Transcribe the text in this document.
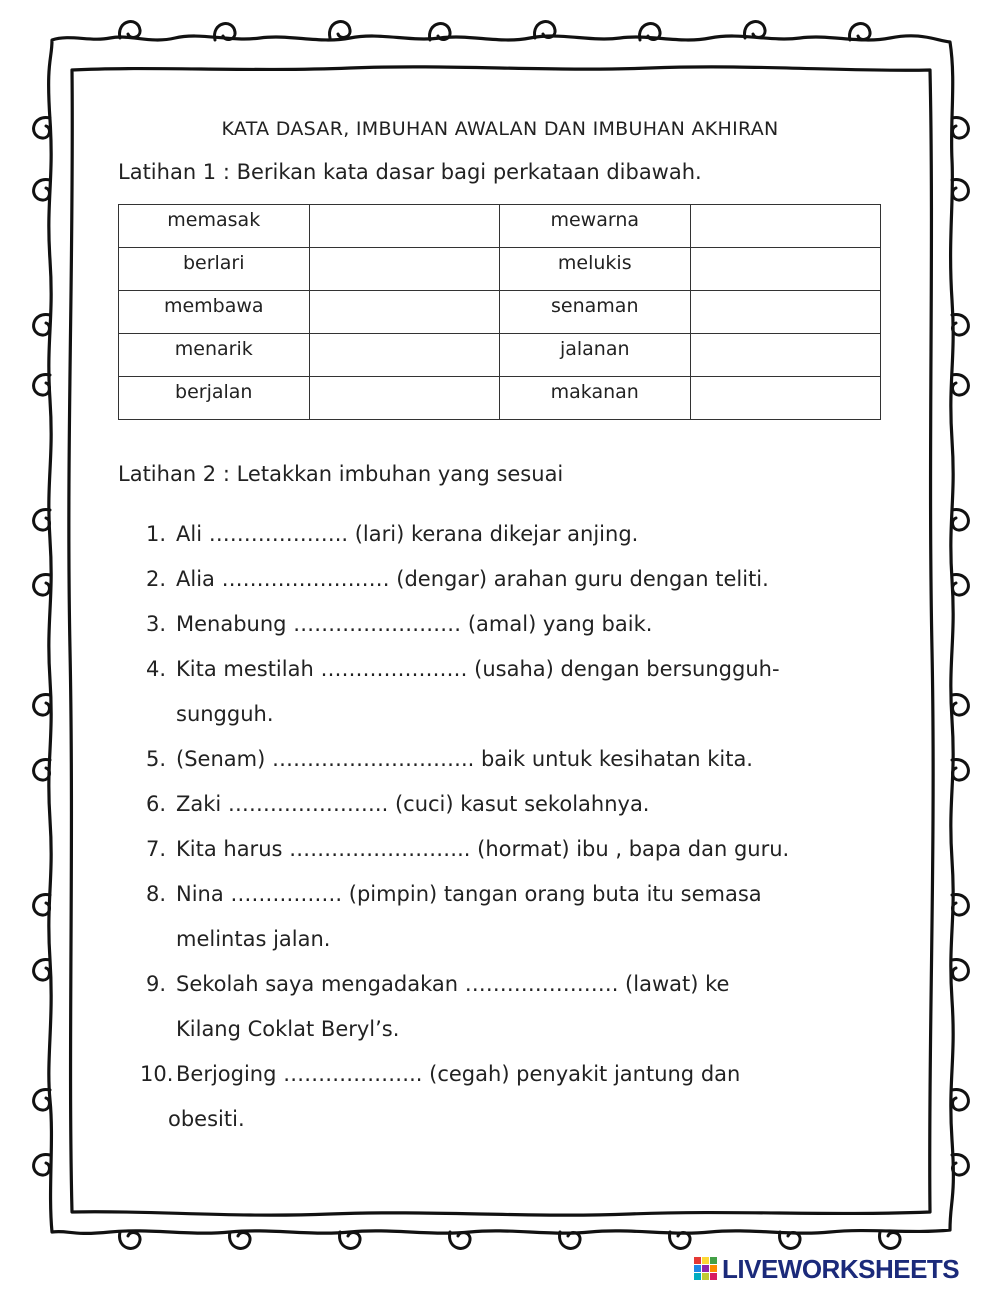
KATA DASAR, IMBUHAN AWALAN DAN IMBUHAN AKHIRAN
Latihan 1 : Berikan kata dasar bagi perkataan dibawah.
memasak		mewarna	
berlari		melukis	
membawa		senaman	
menarik		jalanan	
berjalan		makanan	
Latihan 2 : Letakkan imbuhan yang sesuai
1. Ali ……………….. (lari) kerana dikejar anjing.
2. Alia …………………… (dengar) arahan guru dengan teliti.
3. Menabung …………………… (amal) yang baik.
4. Kita mestilah ………………… (usaha) dengan bersungguh-
sungguh.
5. (Senam) ……………………….. baik untuk kesihatan kita.
6. Zaki ………………….. (cuci) kasut sekolahnya.
7. Kita harus …………………….. (hormat) ibu , bapa dan guru.
8. Nina ……………. (pimpin) tangan orang buta itu semasa
melintas jalan.
9. Sekolah saya mengadakan …………………. (lawat) ke
Kilang Coklat Beryl’s.
10. Berjoging ……………….. (cegah) penyakit jantung dan
obesiti.
LIVEWORKSHEETS
